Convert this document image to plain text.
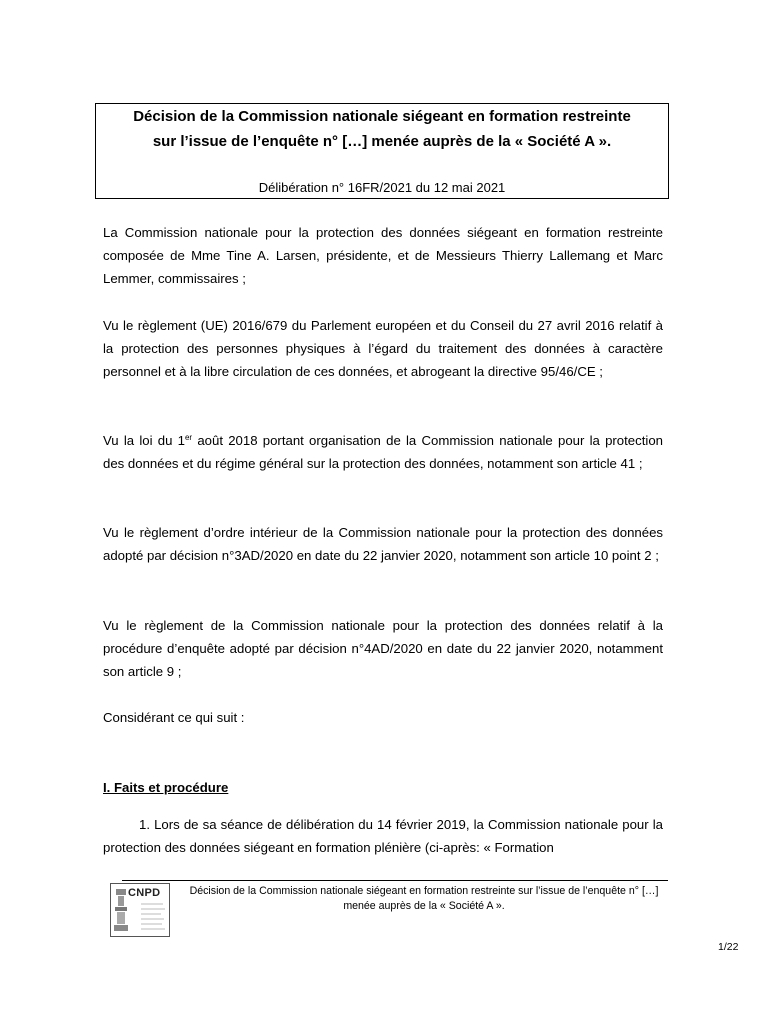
Décision de la Commission nationale siégeant en formation restreinte
sur l’issue de l’enquête n° […] menée auprès de la « Société A ».
Délibération n° 16FR/2021 du 12 mai 2021
La Commission nationale pour la protection des données siégeant en formation restreinte composée de Mme Tine A. Larsen, présidente, et de Messieurs Thierry Lallemang et Marc Lemmer, commissaires ;
Vu le règlement (UE) 2016/679 du Parlement européen et du Conseil du 27 avril 2016 relatif à la protection des personnes physiques à l’égard du traitement des données à caractère personnel et à la libre circulation de ces données, et abrogeant la directive 95/46/CE ;
Vu la loi du 1er août 2018 portant organisation de la Commission nationale pour la protection des données et du régime général sur la protection des données, notamment son article 41 ;
Vu le règlement d’ordre intérieur de la Commission nationale pour la protection des données adopté par décision n°3AD/2020 en date du 22 janvier 2020, notamment son article 10 point 2 ;
Vu le règlement de la Commission nationale pour la protection des données relatif à la procédure d’enquête adopté par décision n°4AD/2020 en date du 22 janvier 2020, notamment son article 9 ;
Considérant ce qui suit :
I. Faits et procédure
1. Lors de sa séance de délibération du 14 février 2019, la Commission nationale pour la protection des données siégeant en formation plénière (ci-après: « Formation
CNPD	Décision de la Commission nationale siégeant en formation restreinte sur l’issue de l’enquête n° […] menée auprès de la « Société A ».
1/22
